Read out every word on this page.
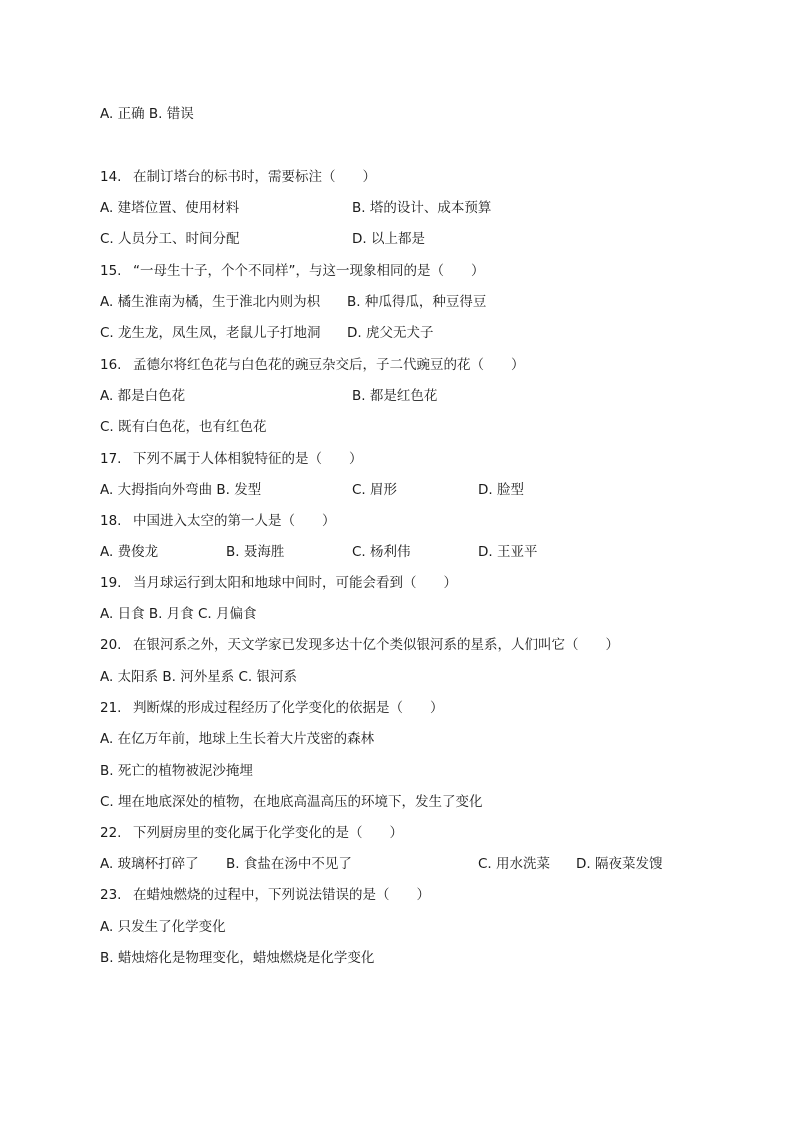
A. 正确 B. 错误
14. 在制订塔台的标书时，需要标注（　　）
A. 建塔位置、使用材料	B. 塔的设计、成本预算
C. 人员分工、时间分配	D. 以上都是
15. “一母生十子，个个不同样”，与这一现象相同的是（　　）
A. 橘生淮南为橘，生于淮北内则为枳 B. 种瓜得瓜，种豆得豆
C. 龙生龙，凤生凤，老鼠儿子打地洞 D. 虎父无犬子
16. 孟德尔将红色花与白色花的豌豆杂交后，子二代豌豆的花（　　）
A. 都是白色花	B. 都是红色花
C. 既有白色花，也有红色花
17. 下列不属于人体相貌特征的是（　　）
A. 大拇指向外弯曲 B. 发型	C. 眉形	D. 脸型
18. 中国进入太空的第一人是（　　）
A. 费俊龙	B. 聂海胜	C. 杨利伟	D. 王亚平
19. 当月球运行到太阳和地球中间时，可能会看到（　　）
A. 日食 B. 月食 C. 月偏食
20. 在银河系之外，天文学家已发现多达十亿个类似银河系的星系，人们叫它（　　）
A. 太阳系 B. 河外星系 C. 银河系
21. 判断煤的形成过程经历了化学变化的依据是（　　）
A. 在亿万年前，地球上生长着大片茂密的森林
B. 死亡的植物被泥沙掩埋
C. 埋在地底深处的植物，在地底高温高压的环境下，发生了变化
22. 下列厨房里的变化属于化学变化的是（　　）
A. 玻璃杯打碎了 B. 食盐在汤中不见了	C. 用水洗菜 D. 隔夜菜发馊
23. 在蜡烛燃烧的过程中，下列说法错误的是（　　）
A. 只发生了化学变化
B. 蜡烛熔化是物理变化，蜡烛燃烧是化学变化
